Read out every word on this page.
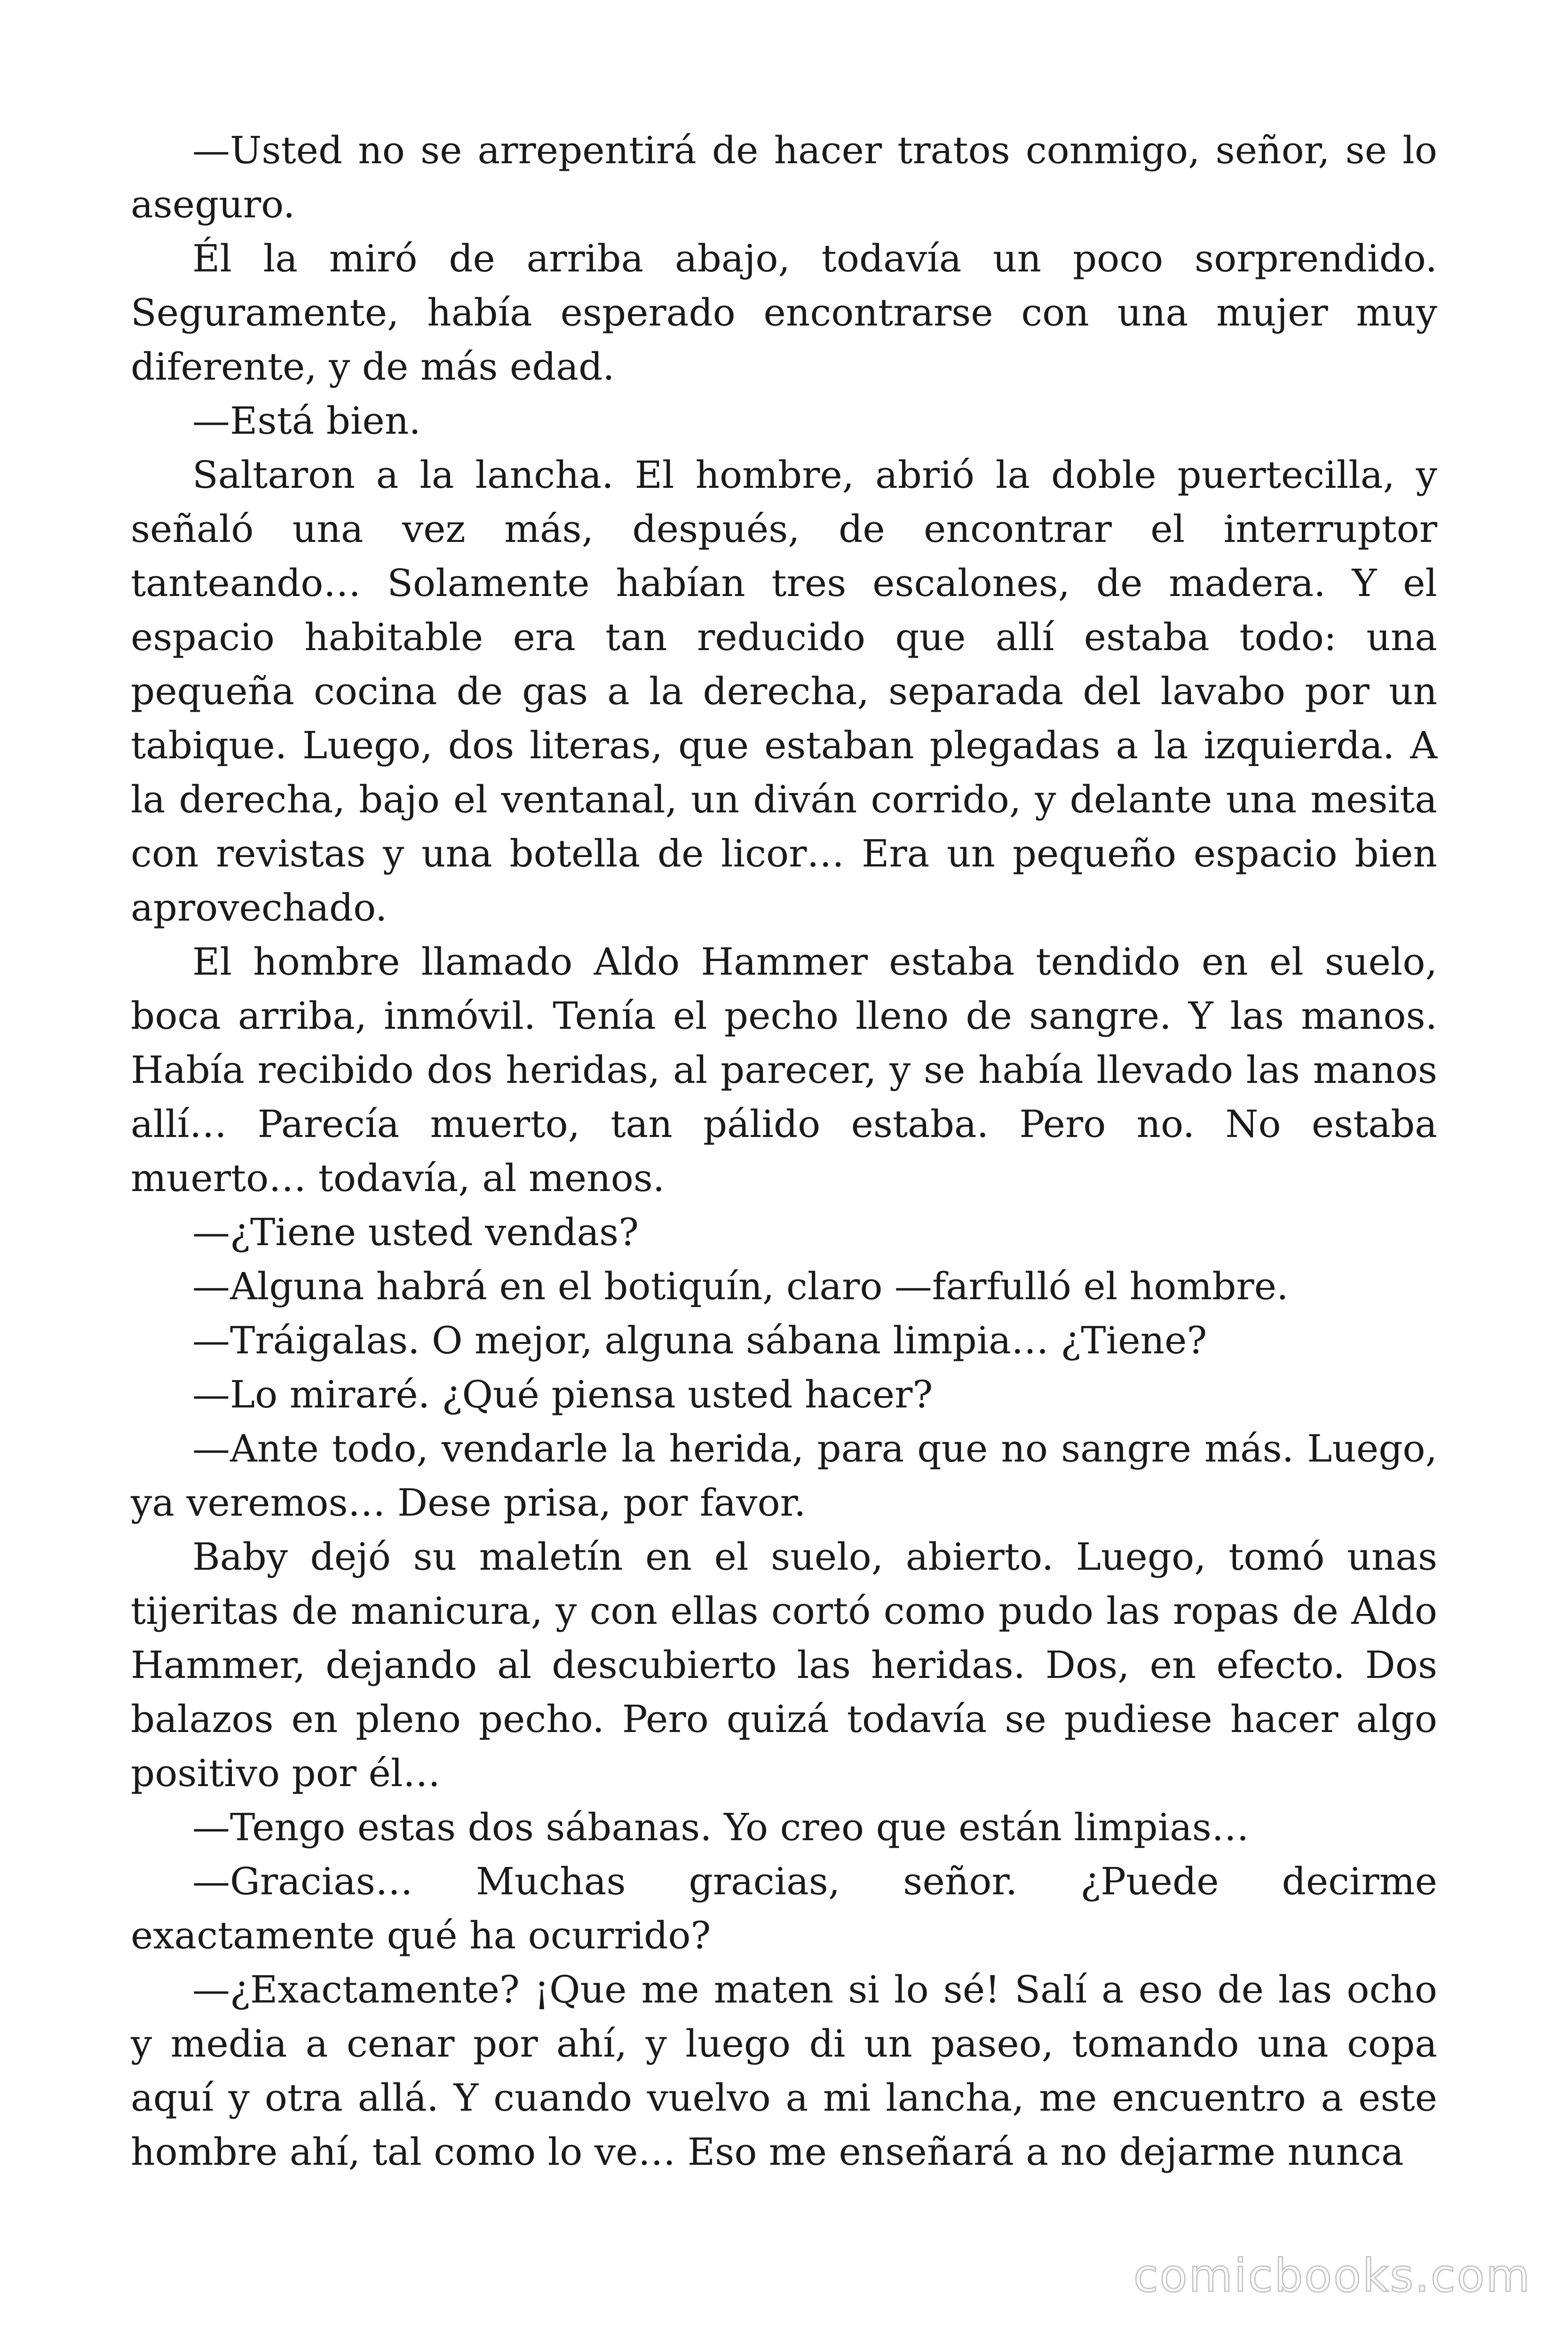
—Usted no se arrepentirá de hacer tratos conmigo, señor, se lo aseguro.

Él la miró de arriba abajo, todavía un poco sorprendido. Seguramente, había esperado encontrarse con una mujer muy diferente, y de más edad.

—Está bien.

Saltaron a la lancha. El hombre, abrió la doble puertecilla, y señaló una vez más, después, de encontrar el interruptor tanteando… Solamente habían tres escalones, de madera. Y el espacio habitable era tan reducido que allí estaba todo: una pequeña cocina de gas a la derecha, separada del lavabo por un tabique. Luego, dos literas, que estaban plegadas a la izquierda. A la derecha, bajo el ventanal, un diván corrido, y delante una mesita con revistas y una botella de licor… Era un pequeño espacio bien aprovechado.

El hombre llamado Aldo Hammer estaba tendido en el suelo, boca arriba, inmóvil. Tenía el pecho lleno de sangre. Y las manos. Había recibido dos heridas, al parecer, y se había llevado las manos allí… Parecía muerto, tan pálido estaba. Pero no. No estaba muerto… todavía, al menos.

—¿Tiene usted vendas?

—Alguna habrá en el botiquín, claro —farfulló el hombre.

—Tráigalas. O mejor, alguna sábana limpia… ¿Tiene?

—Lo miraré. ¿Qué piensa usted hacer?

—Ante todo, vendarle la herida, para que no sangre más. Luego, ya veremos… Dese prisa, por favor.

Baby dejó su maletín en el suelo, abierto. Luego, tomó unas tijeritas de manicura, y con ellas cortó como pudo las ropas de Aldo Hammer, dejando al descubierto las heridas. Dos, en efecto. Dos balazos en pleno pecho. Pero quizá todavía se pudiese hacer algo positivo por él…

—Tengo estas dos sábanas. Yo creo que están limpias…

—Gracias… Muchas gracias, señor. ¿Puede decirme exactamente qué ha ocurrido?

—¿Exactamente? ¡Que me maten si lo sé! Salí a eso de las ocho y media a cenar por ahí, y luego di un paseo, tomando una copa aquí y otra allá. Y cuando vuelvo a mi lancha, me encuentro a este hombre ahí, tal como lo ve… Eso me enseñará a no dejarme nunca

comicbooks.com
